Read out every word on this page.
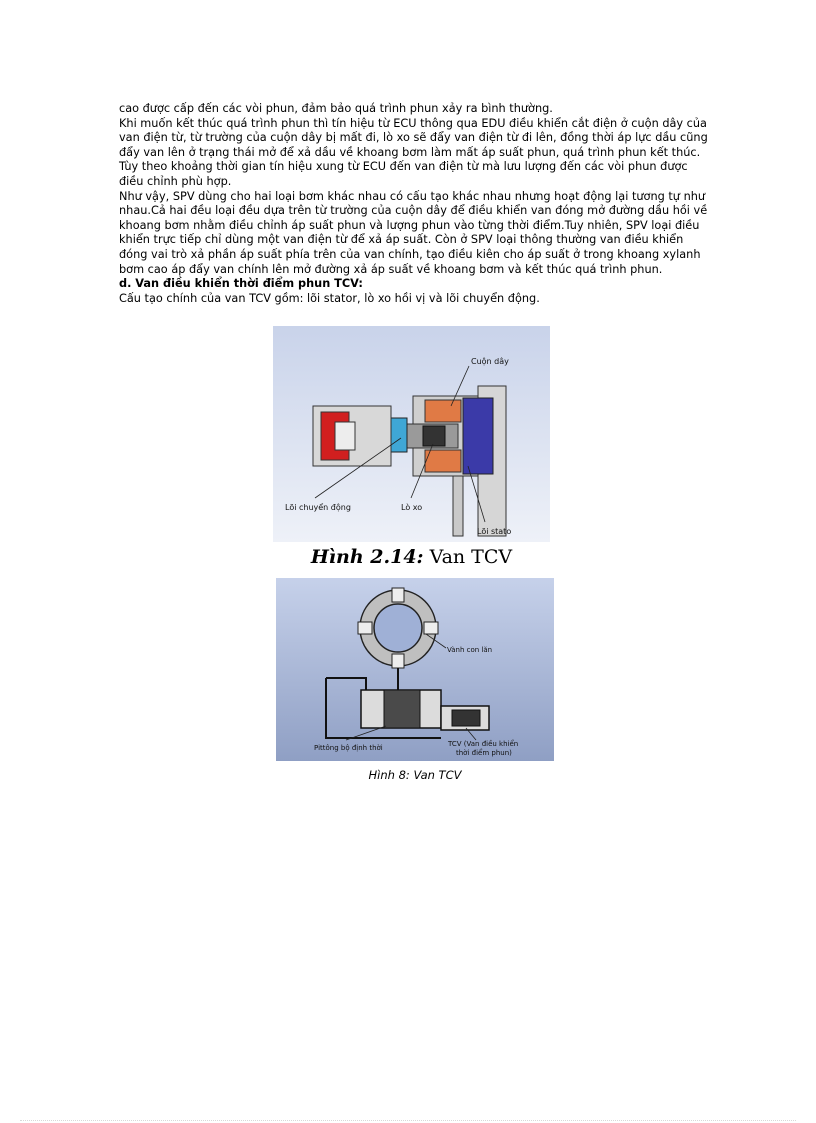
cao được cấp đến các vòi phun, đảm bảo quá trình phun xảy ra bình thường.

Khi muốn kết thúc quá trình phun thì tín hiệu từ ECU thông qua EDU điều khiển cắt điện ở cuộn dây của van điện từ, từ trường của cuộn dây bị mất đi, lò xo sẽ đẩy van điện từ đi lên, đồng thời áp lực dầu cũng đẩy van lên ở trạng thái mở để xả dầu về khoang bơm làm mất áp suất phun, quá trình phun kết thúc. Tùy theo khoảng thời gian tín hiệu xung từ ECU đến van điện từ mà lưu lượng đến các vòi phun được điều chỉnh phù hợp.

Như vậy, SPV dùng cho hai loại bơm khác nhau có cấu tạo khác nhau nhưng hoạt động lại tương tự như nhau.Cả hai đều loại đều dựa trên từ trường của cuộn dây để điều khiển van đóng mở đường dầu hồi về khoang bơm nhằm điều chỉnh áp suất phun và lượng phun vào từng thời điểm.Tuy nhiên, SPV loại điều khiển trực tiếp chỉ dùng một van điện từ để xả áp suất. Còn ở SPV loại thông thường van điều khiển đóng vai trò xả phần áp suất phía trên của van chính, tạo điều kiên cho áp suất ở trong khoang xylanh bơm cao áp đẩy van chính lên mở đường xả áp suất về khoang bơm và kết thúc quá trình phun.

d. Van điều khiển thời điểm phun TCV:

Cấu tạo chính của van TCV gồm: lõi stator, lò xo hồi vị và lõi chuyển động.

Cuộn dây
Lõi chuyển động	Lò xo
Lõi stato
Hình 2.14: Van TCV
Vành con lăn
Pittông bộ định thời	TCV (Van điều khiển
thời điểm phun)
Hình 8: Van TCV
